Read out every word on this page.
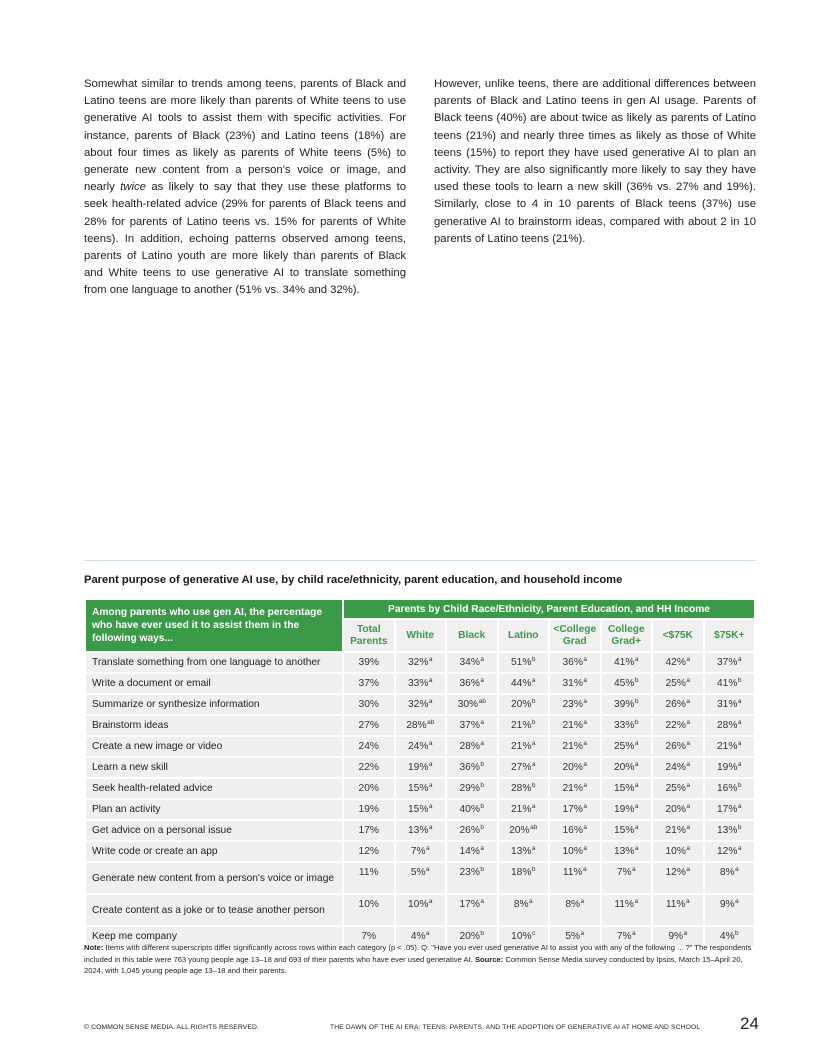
Somewhat similar to trends among teens, parents of Black and Latino teens are more likely than parents of White teens to use generative AI tools to assist them with specific activities. For instance, parents of Black (23%) and Latino teens (18%) are about four times as likely as parents of White teens (5%) to generate new content from a person's voice or image, and nearly twice as likely to say that they use these platforms to seek health-related advice (29% for parents of Black teens and 28% for parents of Latino teens vs. 15% for parents of White teens). In addition, echoing patterns observed among teens, parents of Latino youth are more likely than parents of Black and White teens to use generative AI to translate something from one language to another (51% vs. 34% and 32%).
However, unlike teens, there are additional differences between parents of Black and Latino teens in gen AI usage. Parents of Black teens (40%) are about twice as likely as parents of Latino teens (21%) and nearly three times as likely as those of White teens (15%) to report they have used generative AI to plan an activity. They are also significantly more likely to say they have used these tools to learn a new skill (36% vs. 27% and 19%). Similarly, close to 4 in 10 parents of Black teens (37%) use generative AI to brainstorm ideas, compared with about 2 in 10 parents of Latino teens (21%).
Parent purpose of generative AI use, by child race/ethnicity, parent education, and household income
Among parents who use gen AI, the percentage who have ever used it to assist them in the following ways...	Parents by Child Race/Ethnicity, Parent Education, and HH Income							
	Total Parents	White	Black	Latino	<College Grad	College Grad+	<$75K	$75K+
Translate something from one language to another	39%	32%$^a$	34%$^a$	51%$^b$	36%$^a$	41%$^a$	42%$^a$	37%$^a$
Write a document or email	37%	33%$^a$	36%$^a$	44%$^a$	31%$^a$	45%$^b$	25%$^a$	41%$^b$
Summarize or synthesize information	30%	32%$^a$	30%$^{ab}$	20%$^b$	23%$^a$	39%$^b$	26%$^a$	31%$^a$
Brainstorm ideas	27%	28%$^{ab}$	37%$^a$	21%$^b$	21%$^a$	33%$^b$	22%$^a$	28%$^a$
Create a new image or video	24%	24%$^a$	28%$^a$	21%$^a$	21%$^a$	25%$^a$	26%$^a$	21%$^a$
Learn a new skill	22%	19%$^a$	36%$^b$	27%$^a$	20%$^a$	20%$^a$	24%$^a$	19%$^a$
Seek health-related advice	20%	15%$^a$	29%$^b$	28%$^b$	21%$^a$	15%$^a$	25%$^a$	16%$^b$
Plan an activity	19%	15%$^a$	40%$^b$	21%$^a$	17%$^a$	19%$^a$	20%$^a$	17%$^a$
Get advice on a personal issue	17%	13%$^a$	26%$^b$	20%$^{ab}$	16%$^a$	15%$^a$	21%$^a$	13%$^b$
Write code or create an app	12%	7%$^a$	14%$^a$	13%$^a$	10%$^a$	13%$^a$	10%$^a$	12%$^a$
Generate new content from a person's voice or image	11%	5%$^a$	23%$^b$	18%$^b$	11%$^a$	7%$^a$	12%$^a$	8%$^a$
Create content as a joke or to tease another person	10%	10%$^a$	17%$^a$	8%$^a$	8%$^a$	11%$^a$	11%$^a$	9%$^a$
Keep me company	7%	4%$^a$	20%$^b$	10%$^c$	5%$^a$	7%$^a$	9%$^a$	4%$^b$
Note: Items with different superscripts differ significantly across rows within each category (p < .05). Q: "Have you ever used generative AI to assist you with any of the following ... ?" The respondents included in this table were 763 young people age 13–18 and 693 of their parents who have ever used generative AI. Source: Common Sense Media survey conducted by Ipsos, March 15–April 20, 2024, with 1,045 young people age 13–18 and their parents.
© COMMON SENSE MEDIA. ALL RIGHTS RESERVED.	THE DAWN OF THE AI ERA: TEENS, PARENTS, AND THE ADOPTION OF GENERATIVE AI AT HOME AND SCHOOL 24
